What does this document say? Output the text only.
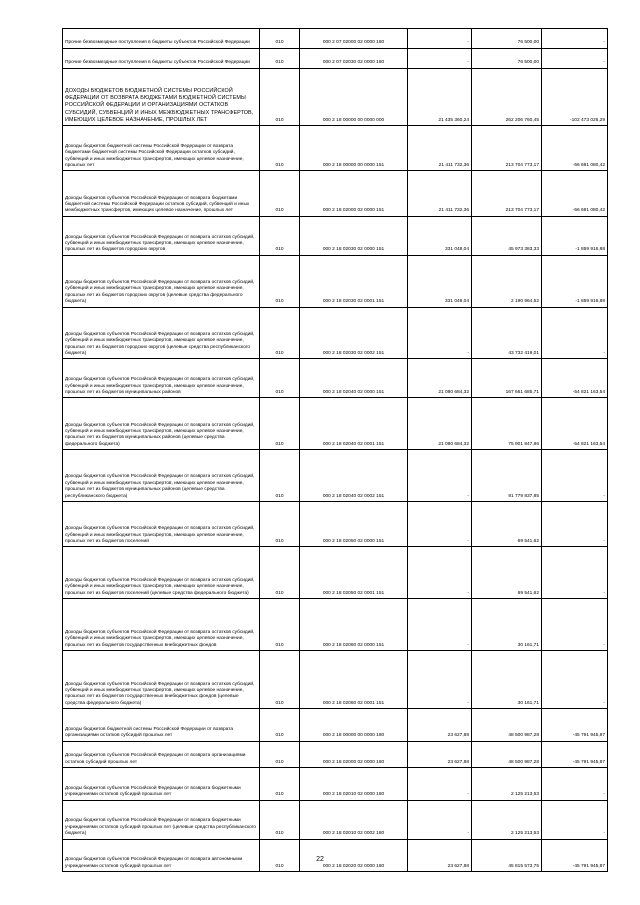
Прочие безвозмездные поступления в бюджеты субъектов Российской Федерации	010	000 2 07 02000 02 0000 180	-	76 500,00	-
Прочие безвозмездные поступления в бюджеты субъектов Российской Федерации	010	000 2 07 02030 02 0000 180	-	76 500,00	-
ДОХОДЫ БЮДЖЕТОВ БЮДЖЕТНОЙ СИСТЕМЫ РОССИЙСКОЙ ФЕДЕРАЦИИ ОТ ВОЗВРАТА БЮДЖЕТАМИ БЮДЖЕТНОЙ СИСТЕМЫ РОССИЙСКОЙ ФЕДЕРАЦИИ И ОРГАНИЗАЦИЯМИ ОСТАТКОВ СУБСИДИЙ, СУБВЕНЦИЙ И ИНЫХ МЕЖБЮДЖЕТНЫХ ТРАНСФЕРТОВ, ИМЕЮЩИХ ЦЕЛЕВОЕ НАЗНАЧЕНИЕ, ПРОШЛЫХ ЛЕТ	010	000 2 18 00000 00 0000 000	21 435 360,24	262 206 760,45	-102 473 026,29
Доходы бюджетов бюджетной системы Российской Федерации от возврата бюджетами бюджетной системы Российской Федерации остатков субсидий, субвенций и иных межбюджетных трансфертов, имеющих целевое назначение, прошлых лет	010	000 2 18 00000 00 0000 151	21 411 732,36	213 704 773,17	-56 681 080,42
Доходы бюджетов субъектов Российской Федерации от возврата бюджетами бюджетной системы Российской Федерации остатков субсидий, субвенций и иных межбюджетных трансфертов, имеющих целевое назначение, прошлых лет	010	000 2 18 02000 02 0000 151	21 411 732,36	213 704 773,17	-56 681 080,42
Доходы бюджетов субъектов Российской Федерации от возврата остатков субсидий, субвенций и иных межбюджетных трансфертов, имеющих целевое назначение, прошлых лет из бюджетов городских округов	010	000 2 18 02030 02 0000 151	331 048,04	45 973 383,33	-1 859 916,88
Доходы бюджетов субъектов Российской Федерации от возврата остатков субсидий, субвенций и иных межбюджетных трансфертов, имеющих целевое назначение, прошлых лет из бюджетов городских округов (целевые средства федерального бюджета)	010	000 2 18 02030 02 0001 151	331 048,04	2 190 964,52	-1 859 916,88
Доходы бюджетов субъектов Российской Федерации от возврата остатков субсидий, субвенций и иных межбюджетных трансфертов, имеющих целевое назначение, прошлых лет из бюджетов городских округов (целевые средства республиканского бюджета)	010	000 2 18 02030 02 0002 151	-	43 732 419,01	-
Доходы бюджетов субъектов Российской Федерации от возврата остатков субсидий, субвенций и иных межбюджетных трансфертов, имеющих целевое назначение, прошлых лет из бюджетов муниципальных районов	010	000 2 18 02040 02 0000 151	21 080 684,32	167 661 685,71	-54 821 163,54
Доходы бюджетов субъектов Российской Федерации от возврата остатков субсидий, субвенций и иных межбюджетных трансфертов, имеющих целевое назначение, прошлых лет из бюджетов муниципальных районов (целевые средства федерального бюджета)	010	000 2 18 02040 02 0001 151	21 080 684,32	75 901 847,86	-54 821 163,54
Доходы бюджетов субъектов Российской Федерации от возврата остатков субсидий, субвенций и иных межбюджетных трансфертов, имеющих целевое назначение, прошлых лет из бюджетов муниципальных районов (целевые средства республиканского бюджета)	010	000 2 18 02040 02 0002 151	-	91 779 837,85	-
Доходы бюджетов субъектов Российской Федерации от возврата остатков субсидий, субвенций и иных межбюджетных трансфертов, имеющих целевое назначение, прошлых лет из бюджетов поселений	010	000 2 18 02050 02 0000 151	-	69 541,62	-
Доходы бюджетов субъектов Российской Федерации от возврата остатков субсидий, субвенций и иных межбюджетных трансфертов, имеющих целевое назначение, прошлых лет из бюджетов поселений (целевые средства федерального бюджета)	010	000 2 18 02050 02 0001 151	-	69 541,62	-
Доходы бюджетов субъектов Российской Федерации от возврата остатков субсидий, субвенций и иных межбюджетных трансфертов, имеющих целевое назначение, прошлых лет из бюджетов государственных внебюджетных фондов	010	000 2 18 02060 02 0000 151	-	30 161,71	-
Доходы бюджетов субъектов Российской Федерации от возврата остатков субсидий, субвенций и иных межбюджетных трансфертов, имеющих целевое назначение, прошлых лет из бюджетов государственных внебюджетных фондов (целевые средства федерального бюджета)	010	000 2 18 02060 02 0001 151	-	30 161,71	-
Доходы бюджетов бюджетной системы Российской Федерации от возврата организациями остатков субсидий прошлых лет	010	000 2 18 00000 00 0000 180	23 627,88	48 500 987,28	-45 791 945,87
Доходы бюджетов субъектов Российской Федерации от возврата организациями остатков субсидий прошлых лет	010	000 2 18 02000 02 0000 180	23 627,88	48 500 987,28	-45 791 945,87
Доходы бюджетов субъектов Российской Федерации от возврата бюджетными учреждениями остатков субсидий прошлых лет	010	000 2 18 02010 02 0000 180	-	2 125 213,53	-
Доходы бюджетов субъектов Российской Федерации от возврата бюджетными учреждениями остатков субсидий прошлых лет (целевые средства республиканского бюджета)	010	000 2 18 02010 02 0002 180	-	2 125 213,53	-
Доходы бюджетов субъектов Российской Федерации от возврата автономными учреждениями остатков субсидий прошлых лет	010	000 2 18 02020 02 0000 180	23 627,88	45 815 573,75	-45 791 945,87
22
